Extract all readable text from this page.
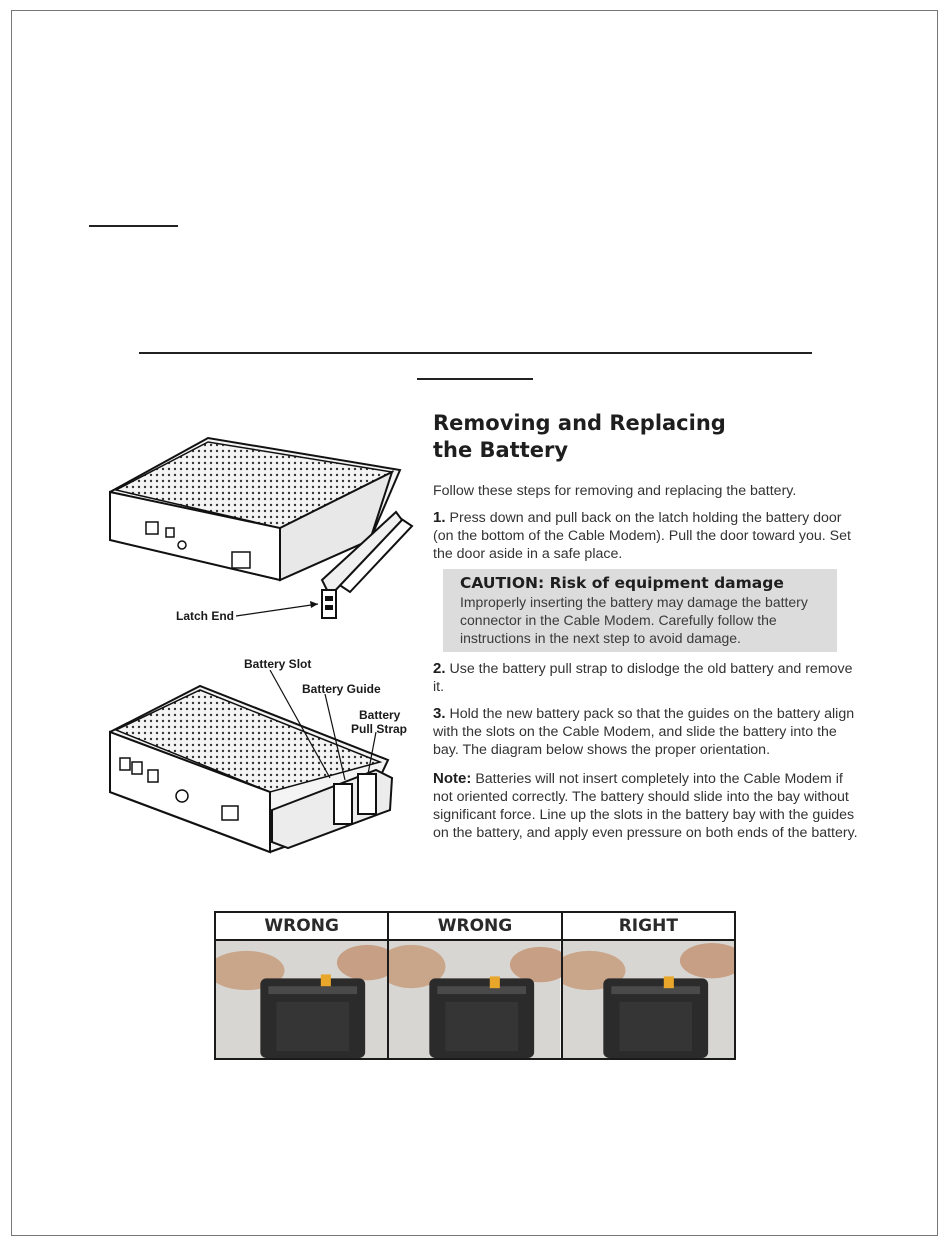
Removing and Replacing
the Battery

Follow these steps for removing and replacing the battery.

1. Press down and pull back on the latch holding the battery door (on the bottom of the Cable Modem). Pull the door toward you. Set the door aside in a safe place.

CAUTION: Risk of equipment damage
Improperly inserting the battery may damage the battery connector in the Cable Modem. Carefully follow the instructions in the next step to avoid damage.

2. Use the battery pull strap to dislodge the old battery and remove it.

3. Hold the new battery pack so that the guides on the battery align with the slots on the Cable Modem, and slide the battery into the bay. The diagram below shows the proper orientation.

Note: Batteries will not insert completely into the Cable Modem if not oriented correctly. The battery should slide into the bay without significant force. Line up the slots in the battery bay with the guides on the battery, and apply even pressure on both ends of the battery.

Latch End
Battery Slot
Battery Guide
Battery
Pull Strap
WRONG	WRONG	RIGHT
